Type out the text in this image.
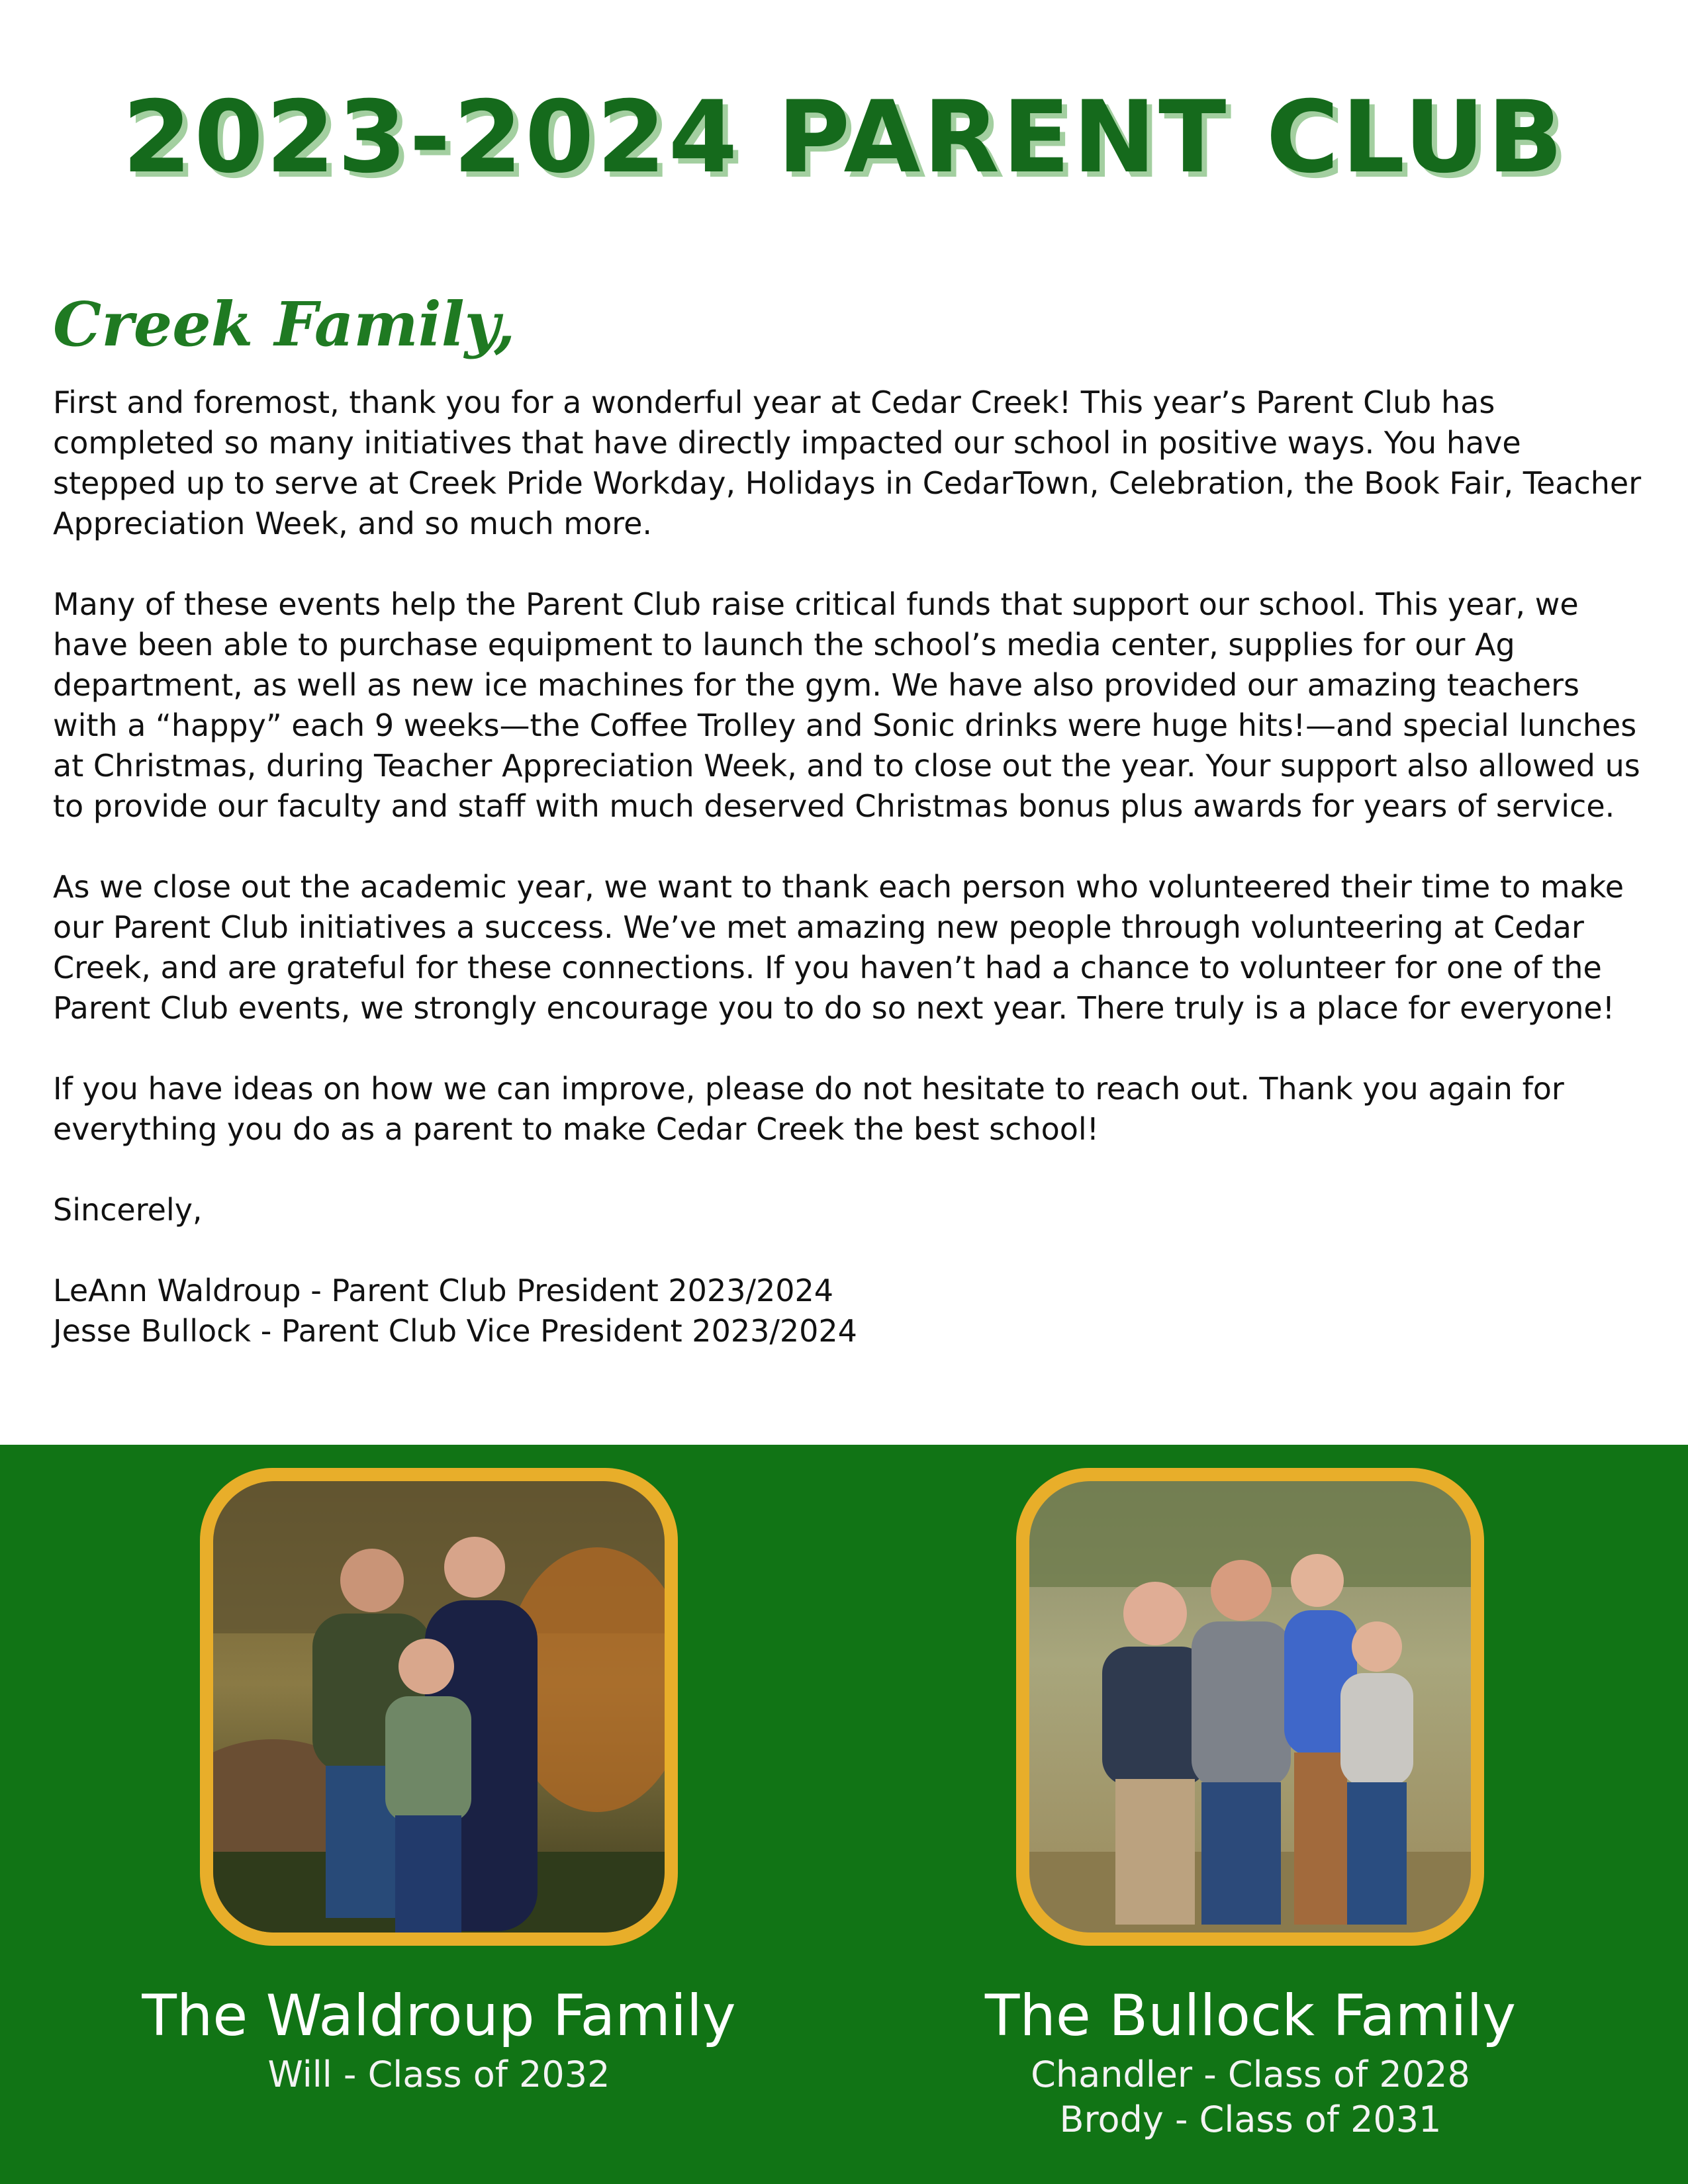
2023-2024 PARENT CLUB
Creek Family,

First and foremost, thank you for a wonderful year at Cedar Creek! This year’s Parent Club has completed so many initiatives that have directly impacted our school in positive ways. You have stepped up to serve at Creek Pride Workday, Holidays in CedarTown, Celebration, the Book Fair, Teacher Appreciation Week, and so much more.

Many of these events help the Parent Club raise critical funds that support our school. This year, we have been able to purchase equipment to launch the school’s media center, supplies for our Ag department, as well as new ice machines for the gym. We have also provided our amazing teachers with a “happy” each 9 weeks—the Coffee Trolley and Sonic drinks were huge hits!—and special lunches at Christmas, during Teacher Appreciation Week, and to close out the year. Your support also allowed us to provide our faculty and staff with much deserved Christmas bonus plus awards for years of service.

As we close out the academic year, we want to thank each person who volunteered their time to make our Parent Club initiatives a success. We’ve met amazing new people through volunteering at Cedar Creek, and are grateful for these connections. If you haven’t had a chance to volunteer for one of the Parent Club events, we strongly encourage you to do so next year. There truly is a place for everyone!

If you have ideas on how we can improve, please do not hesitate to reach out. Thank you again for everything you do as a parent to make Cedar Creek the best school!

Sincerely,

LeAnn Waldroup - Parent Club President 2023/2024

Jesse Bullock - Parent Club Vice President 2023/2024

The Waldroup Family

Will - Class of 2032

The Bullock Family

Chandler - Class of 2028

Brody - Class of 2031
